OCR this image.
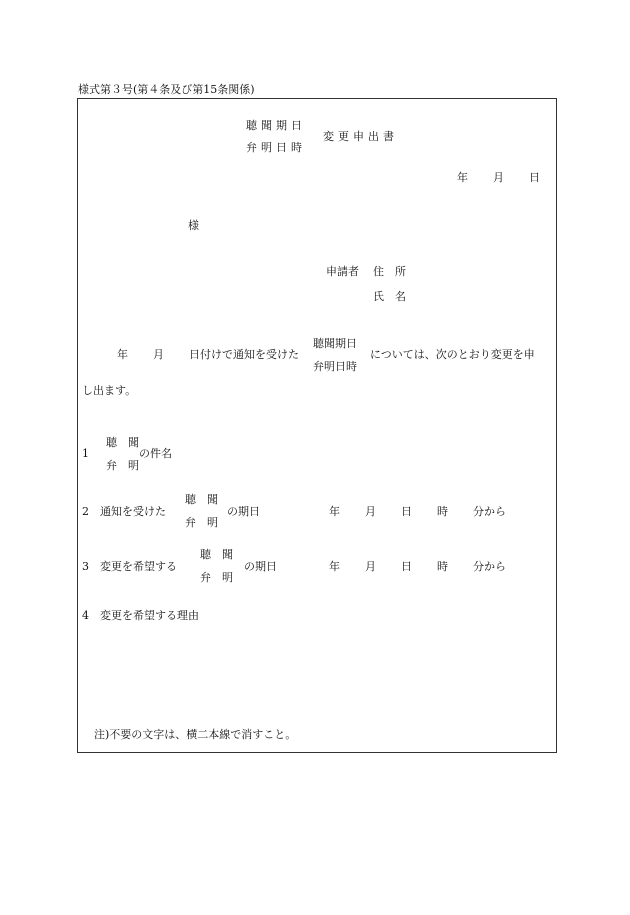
様式第３号(第４条及び第15条関係)
聴聞期日
弁明日時
変更申出書
年 月 日
様
申請者 住　所
氏　名
年 月 日付けで通知を受けた
聴聞期日
弁明日時
については、次のとおり変更を申
し出ます。
1
聴　聞
弁　明
の件名
2 通知を受けた
聴　聞
弁　明
の期日	年 月 日 時 分から
3 変更を希望する
聴　聞
弁　明
の期日	年 月 日 時 分から
4 変更を希望する理由
注)不要の文字は、横二本線で消すこと。
